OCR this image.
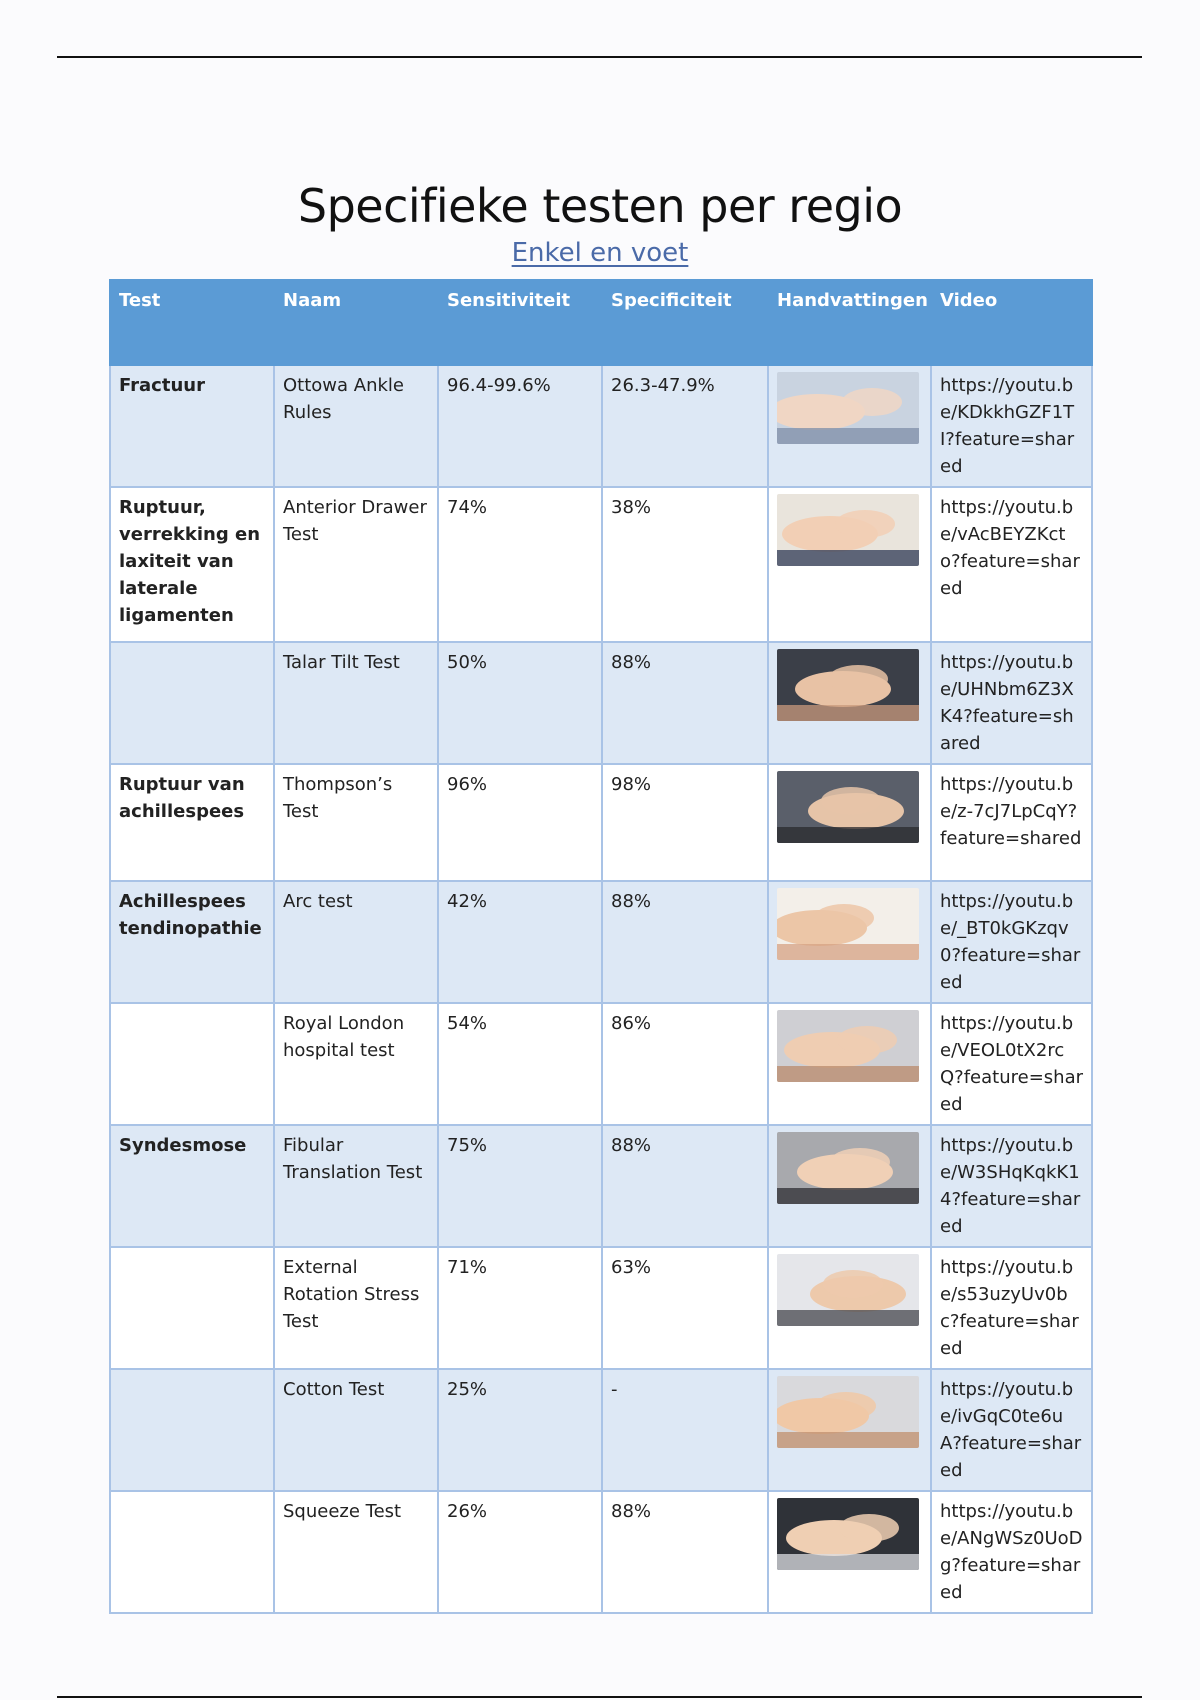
Specifieke testen per regio
Enkel en voet
Test	Naam	Sensitiviteit	Specificiteit	Handvattingen	Video
Fractuur	Ottowa Ankle Rules	96.4-99.6%	26.3-47.9%		https://youtu.be/KDkkhGZF1TI?feature=shared
Ruptuur, verrekking en laxiteit van laterale ligamenten	Anterior Drawer Test	74%	38%		https://youtu.be/vAcBEYZKcto?feature=shared
	Talar Tilt Test	50%	88%		https://youtu.be/UHNbm6Z3XK4?feature=shared
Ruptuur van achillespees	Thompson’s Test	96%	98%		https://youtu.be/z-7cJ7LpCqY?feature=shared
Achillespees tendinopathie	Arc test	42%	88%		https://youtu.be/_BT0kGKzqv0?feature=shared
	Royal London hospital test	54%	86%		https://youtu.be/VEOL0tX2rcQ?feature=shared
Syndesmose	Fibular Translation Test	75%	88%		https://youtu.be/W3SHqKqkK14?feature=shared
	External Rotation Stress Test	71%	63%		https://youtu.be/s53uzyUv0bc?feature=shared
	Cotton Test	25%	-		https://youtu.be/ivGqC0te6uA?feature=shared
	Squeeze Test	26%	88%		https://youtu.be/ANgWSz0UoDg?feature=shared
